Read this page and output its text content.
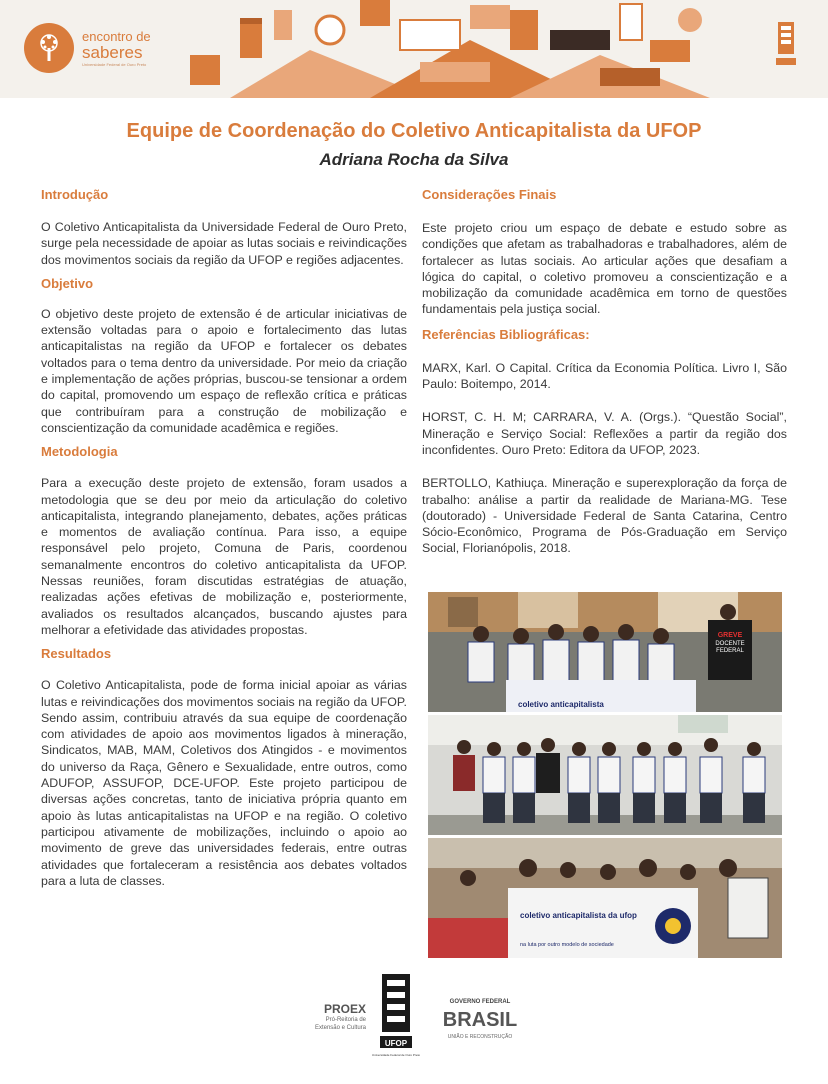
encontro de
saberes
Universidade Federal de Ouro Preto
Equipe de Coordenação do Coletivo Anticapitalista da UFOP
Adriana Rocha da Silva
Introdução
O Coletivo Anticapitalista da Universidade Federal de Ouro Preto, surge pela necessidade de apoiar as lutas sociais e reivindicações dos movimentos sociais da região da UFOP e regiões adjacentes.
Objetivo
O objetivo deste projeto de extensão é de articular iniciativas de extensão voltadas para o apoio e fortalecimento das lutas anticapitalistas na região da UFOP e fortalecer os debates voltados para o tema dentro da universidade. Por meio da criação e implementação de ações próprias, buscou-se tensionar a ordem do capital, promovendo um espaço de reflexão crítica e práticas que contribuíram para a construção de mobilização e conscientização da comunidade acadêmica e regiões.
Metodologia
Para a execução deste projeto de extensão, foram usados a metodologia que se deu por meio da articulação do coletivo anticapitalista, integrando planejamento, debates, ações práticas e momentos de avaliação contínua. Para isso, a equipe responsável pelo projeto, Comuna de Paris, coordenou semanalmente encontros do coletivo anticapitalista da UFOP. Nessas reuniões, foram discutidas estratégias de atuação, realizadas ações efetivas de mobilização e, posteriormente, avaliados os resultados alcançados, buscando ajustes para melhorar a efetividade das atividades propostas.
Resultados
O Coletivo Anticapitalista, pode de forma inicial apoiar as várias lutas e reivindicações dos movimentos sociais na região da UFOP. Sendo assim, contribuiu através da sua equipe de coordenação com atividades de apoio aos movimentos ligados à mineração, Sindicatos, MAB, MAM, Coletivos dos Atingidos - e movimentos do universo da Raça, Gênero e Sexualidade, entre outros, como ADUFOP, ASSUFOP, DCE-UFOP. Este projeto participou de diversas ações concretas, tanto de iniciativa própria quanto em apoio às lutas anticapitalistas na UFOP e na região. O coletivo participou ativamente de mobilizações, incluindo o apoio ao movimento de greve das universidades federais, entre outras atividades que fortaleceram a resistência aos debates voltados para a luta de classes.
Considerações Finais
Este projeto criou um espaço de debate e estudo sobre as condições que afetam as trabalhadoras e trabalhadores, além de fortalecer as lutas sociais. Ao articular ações que desafiam a lógica do capital, o coletivo promoveu a conscientização e a mobilização da comunidade acadêmica em torno de questões fundamentais pela justiça social.
Referências Bibliográficas:
MARX, Karl. O Capital. Crítica da Economia Política. Livro I, São Paulo: Boitempo, 2014.
HORST, C. H. M; CARRARA, V. A. (Orgs.). “Questão Social”, Mineração e Serviço Social: Reflexões a partir da região dos inconfidentes. Ouro Preto: Editora da UFOP, 2023.
BERTOLLO, Kathiuça. Mineração e superexploração da força de trabalho: análise a partir da realidade de Mariana-MG. Tese (doutorado) - Universidade Federal de Santa Catarina, Centro Sócio-Econômico, Programa de Pós-Graduação em Serviço Social, Florianópolis, 2018.
GREVE
DOCENTE
FEDERAL
coletivo anticapitalista
coletivo anticapitalista da ufop
na luta por outro modelo de sociedade
PROEX
Pró-Reitoria de
Extensão e Cultura
UFOP
Universidade Federal de Ouro Preto
GOVERNO FEDERAL
BRASIL
UNIÃO E RECONSTRUÇÃO
